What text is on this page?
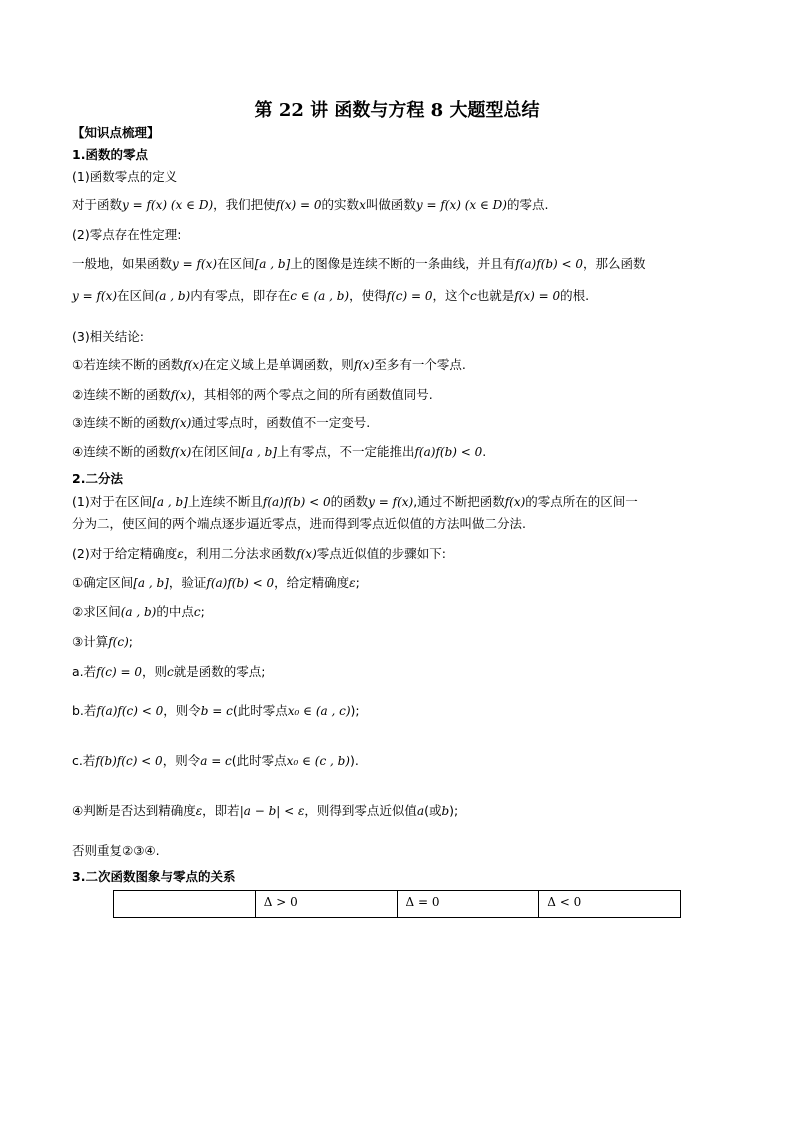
第 22 讲 函数与方程 8 大题型总结
【知识点梳理】
1.函数的零点
(1)函数零点的定义
对于函数y = f(x) (x ∈ D)，我们把使f(x) = 0的实数x叫做函数y = f(x) (x ∈ D)的零点.
(2)零点存在性定理:
一般地，如果函数y = f(x)在区间[a , b]上的图像是连续不断的一条曲线，并且有f(a)f(b) < 0，那么函数
y = f(x)在区间(a , b)内有零点，即存在c ∈ (a , b)，使得f(c) = 0，这个c也就是f(x) = 0的根.
(3)相关结论:
①若连续不断的函数f(x)在定义域上是单调函数，则f(x)至多有一个零点.
②连续不断的函数f(x)，其相邻的两个零点之间的所有函数值同号.
③连续不断的函数f(x)通过零点时，函数值不一定变号.
④连续不断的函数f(x)在闭区间[a , b]上有零点，不一定能推出f(a)f(b) < 0.
2.二分法
(1)对于在区间[a , b]上连续不断且f(a)f(b) < 0的函数y = f(x),通过不断把函数f(x)的零点所在的区间一
分为二，使区间的两个端点逐步逼近零点，进而得到零点近似值的方法叫做二分法.
(2)对于给定精确度ε，利用二分法求函数f(x)零点近似值的步骤如下:
①确定区间[a , b]，验证f(a)f(b) < 0，给定精确度ε;
②求区间(a , b)的中点c;
③计算f(c);
a.若f(c) = 0，则c就是函数的零点;
b.若f(a)f(c) < 0，则令b = c(此时零点x₀ ∈ (a , c));
c.若f(b)f(c) < 0，则令a = c(此时零点x₀ ∈ (c , b)).
④判断是否达到精确度ε，即若|a − b| < ε，则得到零点近似值a(或b);
否则重复②③④.
3.二次函数图象与零点的关系
	Δ > 0	Δ = 0	Δ < 0
